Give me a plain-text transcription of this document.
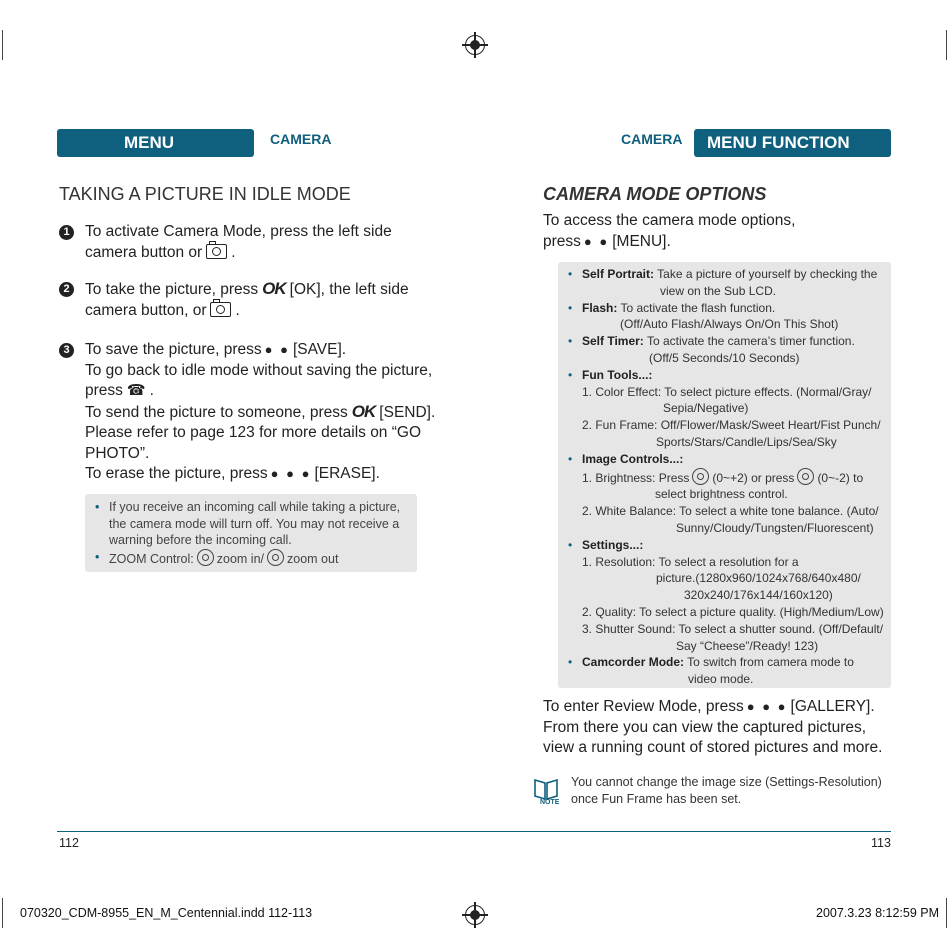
MENU FUNCTION
CAMERA	CAMERA MENU FUNCTION
TAKING A PICTURE IN IDLE MODE
1 To activate Camera Mode, press the left side
camera button or .
2 To take the picture, press OK [OK], the left side
camera button, or .
3 To save the picture, press ● ● [SAVE].
To go back to idle mode without saving the picture,
press ☎ .
To send the picture to someone, press OK [SEND].
Please refer to page 123 for more details on “GO
PHOTO”.
To erase the picture, press ● ● ● [ERASE].
• If you receive an incoming call while taking a picture,
the camera mode will turn off. You may not receive a
warning before the incoming call.
• ZOOM Control: zoom in/ zoom out
CAMERA MODE OPTIONS
To access the camera mode options,
press ● ● [MENU].
• Self Portrait: Take a picture of yourself by checking the
view on the Sub LCD.
• Flash: To activate the flash function.
(Off/Auto Flash/Always On/On This Shot)
• Self Timer: To activate the camera’s timer function.
(Off/5 Seconds/10 Seconds)
• Fun Tools...:
1. Color Effect: To select picture effects. (Normal/Gray/
Sepia/Negative)
2. Fun Frame: Off/Flower/Mask/Sweet Heart/Fist Punch/
Sports/Stars/Candle/Lips/Sea/Sky
• Image Controls...:
1. Brightness: Press (0~+2) or press (0~-2) to
select brightness control.
2. White Balance: To select a white tone balance. (Auto/
Sunny/Cloudy/Tungsten/Fluorescent)
• Settings...:
1. Resolution: To select a resolution for a
picture.(1280x960/1024x768/640x480/
320x240/176x144/160x120)
2. Quality: To select a picture quality. (High/Medium/Low)
3. Shutter Sound: To select a shutter sound. (Off/Default/
Say “Cheese”/Ready! 123)
• Camcorder Mode: To switch from camera mode to
video mode.
To enter Review Mode, press ● ● ● [GALLERY].
From there you can view the captured pictures,
view a running count of stored pictures and more.
NOTE
You cannot change the image size (Settings-Resolution)
once Fun Frame has been set.
112	113
070320_CDM-8955_EN_M_Centennial.indd 112-113	2007.3.23 8:12:59 PM
